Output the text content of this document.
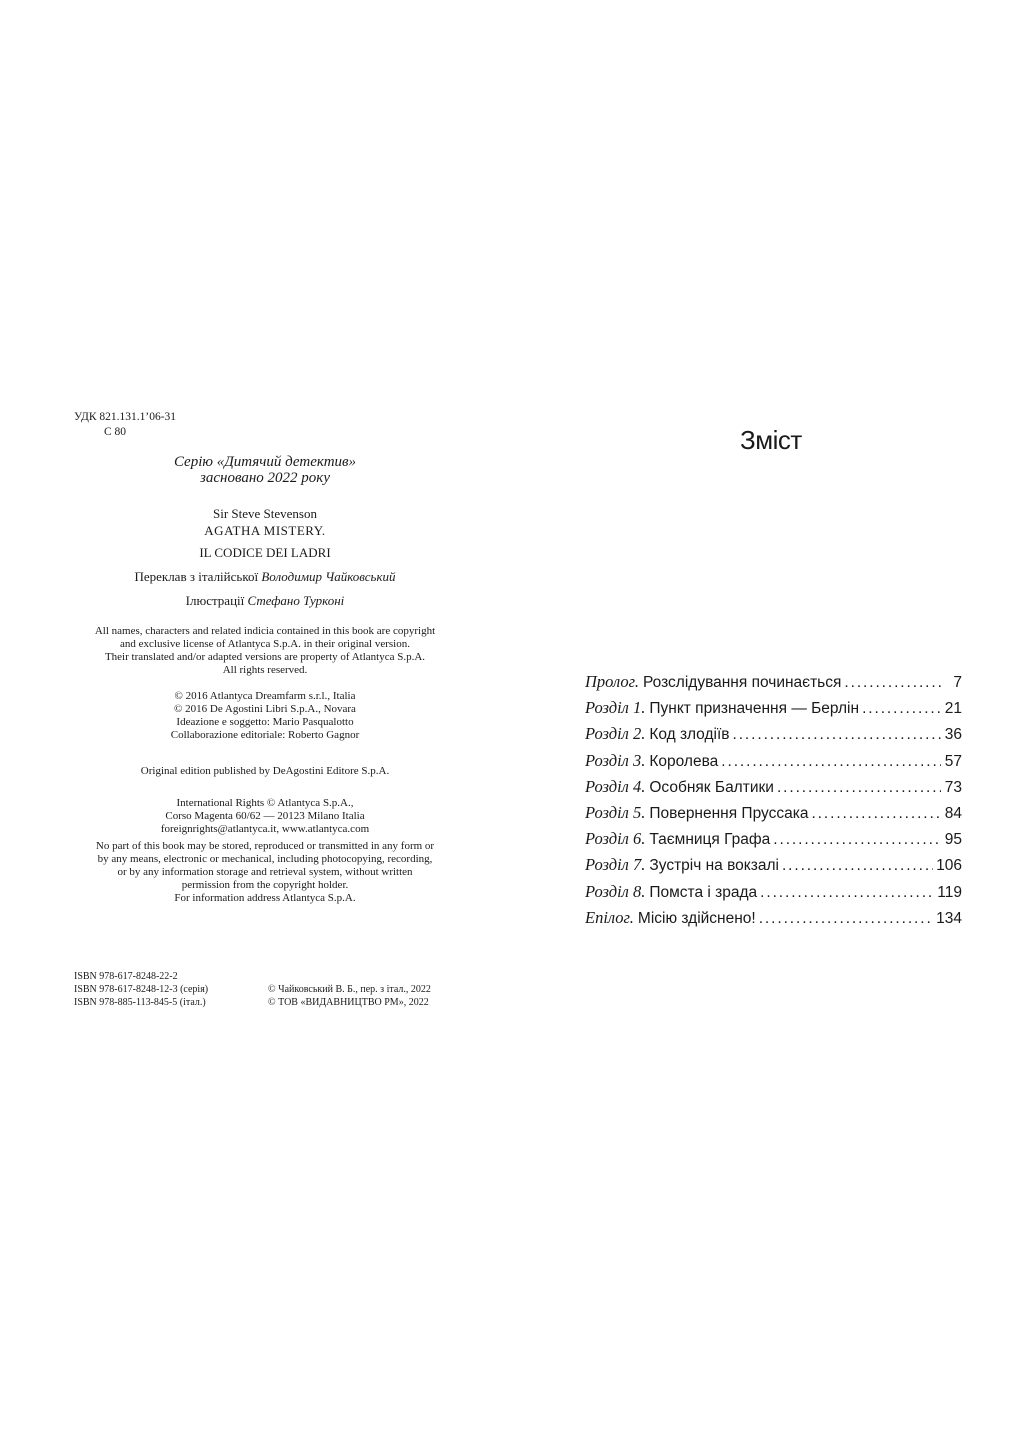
УДК 821.131.1’06-31
С 80
Серію «Дитячий детектив»
засновано 2022 року
Sir Steve Stevenson
AGATHA MISTERY.
IL CODICE DEI LADRI
Переклав з італійської Володимир Чайковський
Ілюстрації Стефано Турконі
All names, characters and related indicia contained in this book are copyright
and exclusive license of Atlantyca S.p.A. in their original version.
Their translated and/or adapted versions are property of Atlantyca S.p.A.
All rights reserved.
© 2016 Atlantyca Dreamfarm s.r.l., Italia
© 2016 De Agostini Libri S.p.A., Novara
Ideazione e soggetto: Mario Pasqualotto
Collaborazione editoriale: Roberto Gagnor
Original edition published by DeAgostini Editore S.p.A.
International Rights © Atlantyca S.p.A.,
Corso Magenta 60/62 — 20123 Milano Italia
foreignrights@atlantyca.it, www.atlantyca.com
No part of this book may be stored, reproduced or transmitted in any form or
by any means, electronic or mechanical, including photocopying, recording,
or by any information storage and retrieval system, without written
permission from the copyright holder.
For information address Atlantyca S.p.A.
ISBN 978-617-8248-22-2
ISBN 978-617-8248-12-3 (серія)
ISBN 978-885-113-845-5 (італ.)
© Чайковський В. Б., пер. з італ., 2022
© ТОВ «ВИДАВНИЦТВО РМ», 2022
Зміст
Пролог. Розслідування починається . . .	7
Розділ 1. Пункт призначення — Берлін . . .	21
Розділ 2. Код злодіїв . . .	36
Розділ 3. Королева . . .	57
Розділ 4. Особняк Балтики . . .	73
Розділ 5. Повернення Пруссака . . .	84
Розділ 6. Таємниця Графа . . .	95
Розділ 7. Зустріч на вокзалі . . .	106
Розділ 8. Помста і зрада . . .	119
Епілог. Місію здійснено! . . .	134
